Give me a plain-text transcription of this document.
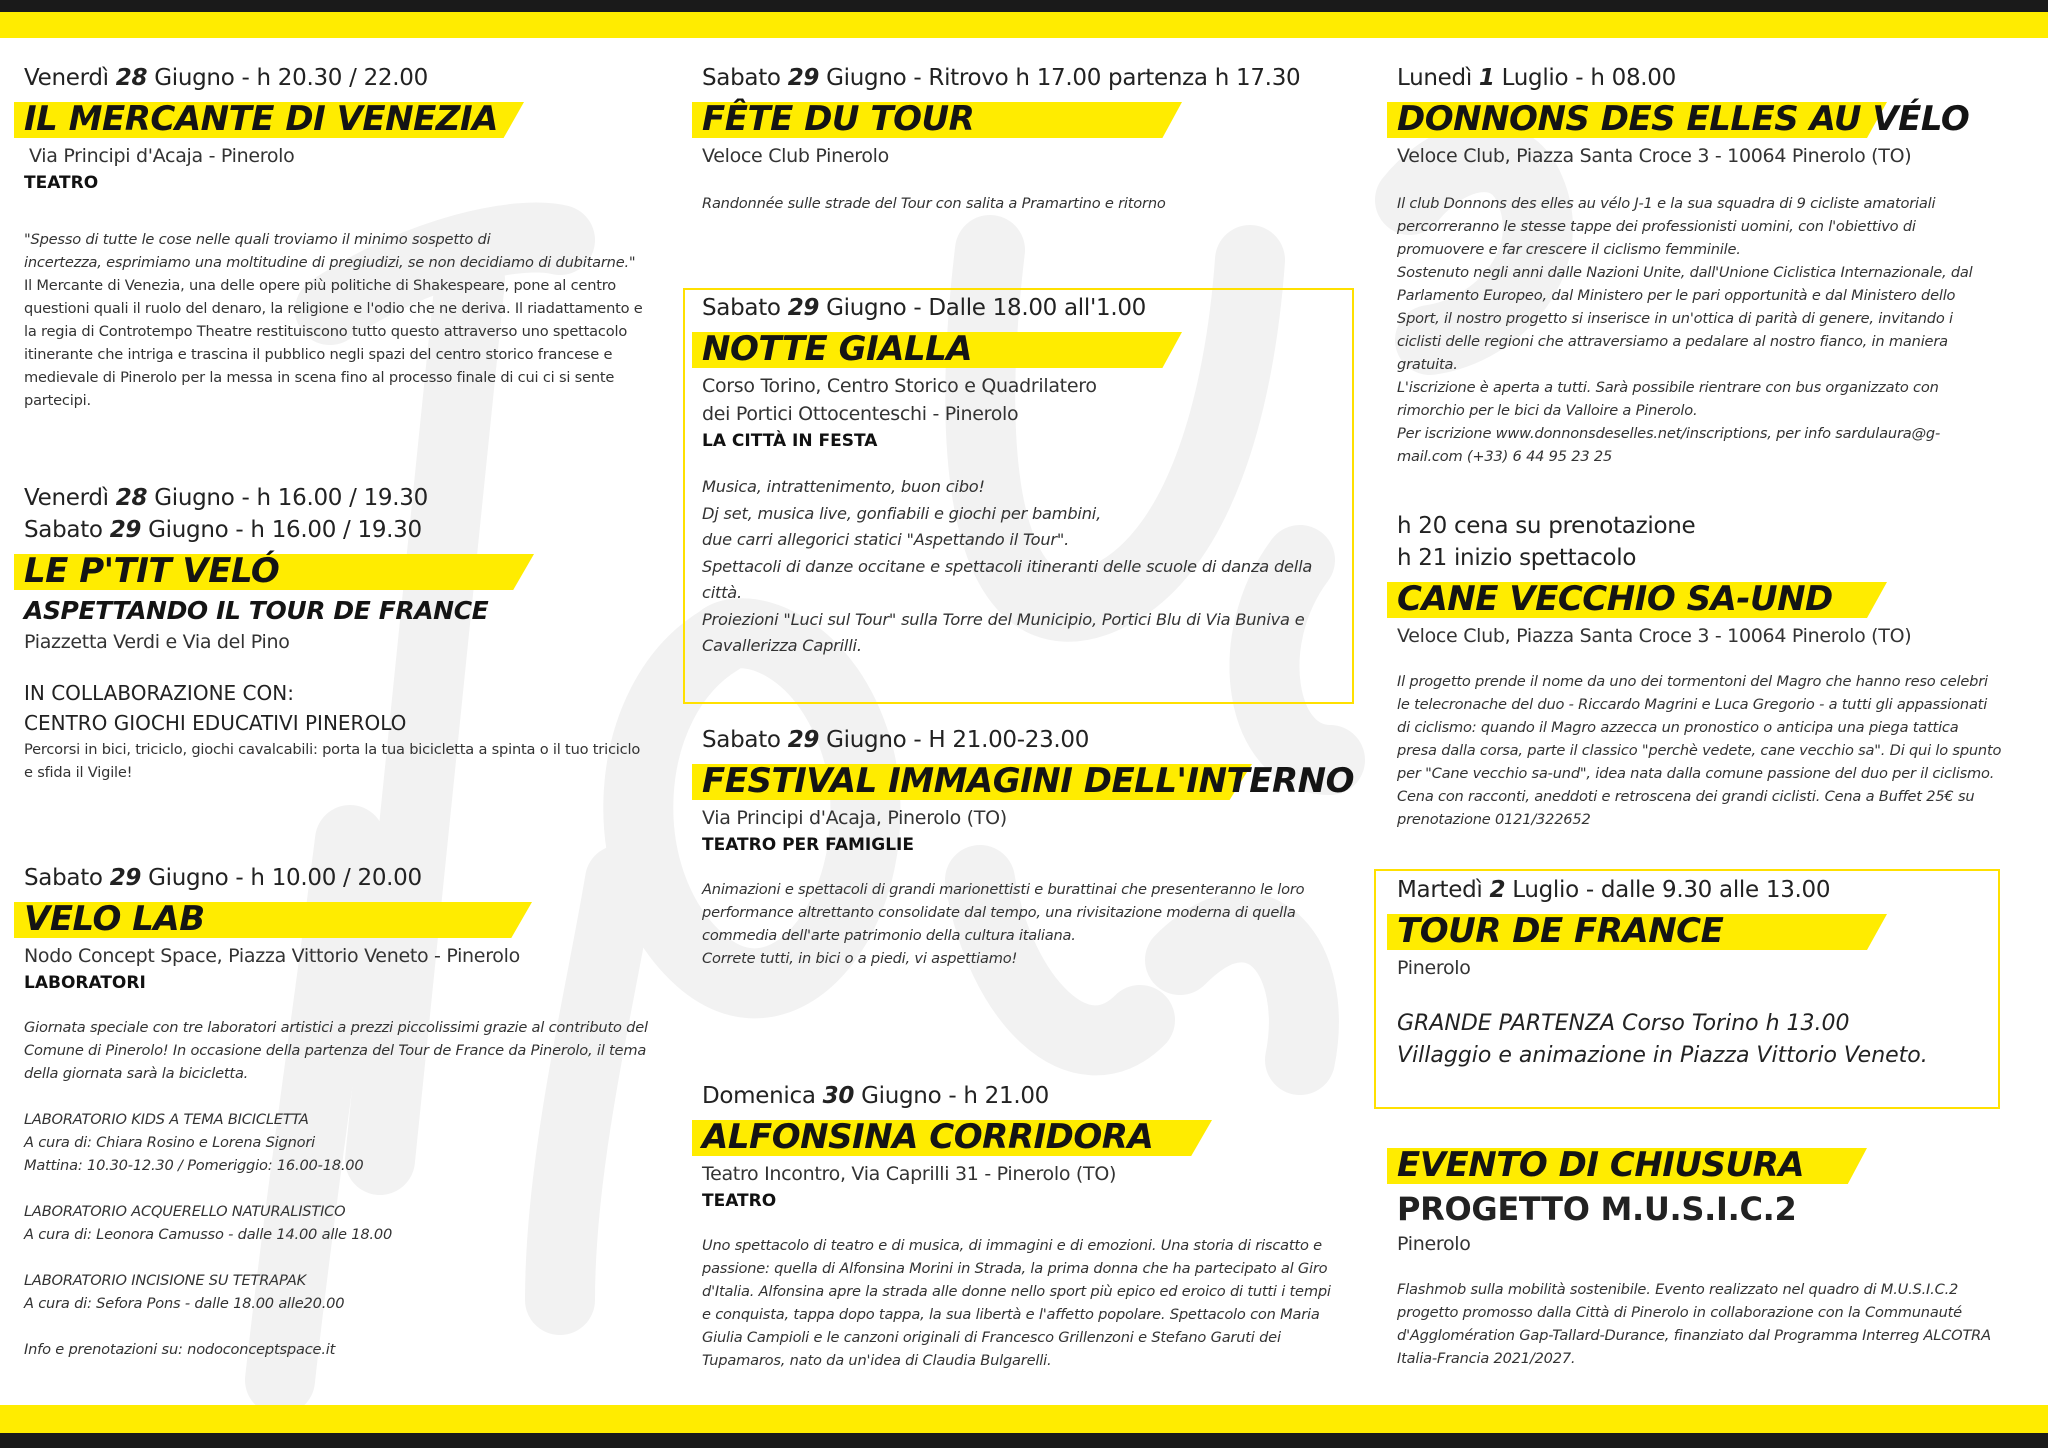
Venerdì 28 Giugno - h 20.30 / 22.00
IL MERCANTE DI VENEZIA
Via Principi d'Acaja - Pinerolo
TEATRO

"Spesso di tutte le cose nelle quali troviamo il minimo sospetto di

incertezza, esprimiamo una moltitudine di pregiudizi, se non decidiamo di dubitarne."

Il Mercante di Venezia, una delle opere più politiche di Shakespeare, pone al centro

questioni quali il ruolo del denaro, la religione e l'odio che ne deriva. Il riadattamento e

la regia di Controtempo Theatre restituiscono tutto questo attraverso uno spettacolo

itinerante che intriga e trascina il pubblico negli spazi del centro storico francese e

medievale di Pinerolo per la messa in scena fino al processo finale di cui ci si sente

partecipi.

Venerdì 28 Giugno - h 16.00 / 19.30
Sabato 29 Giugno - h 16.00 / 19.30
LE P'TIT VELÓ
ASPETTANDO IL TOUR DE FRANCE
Piazzetta Verdi e Via del Pino
IN COLLABORAZIONE CON:
CENTRO GIOCHI EDUCATIVI PINEROLO

Percorsi in bici, triciclo, giochi cavalcabili: porta la tua bicicletta a spinta o il tuo triciclo

e sfida il Vigile!

Sabato 29 Giugno - h 10.00 / 20.00
VELO LAB
Nodo Concept Space, Piazza Vittorio Veneto - Pinerolo
LABORATORI

Giornata speciale con tre laboratori artistici a prezzi piccolissimi grazie al contributo del

Comune di Pinerolo! In occasione della partenza del Tour de France da Pinerolo, il tema

della giornata sarà la bicicletta.

LABORATORIO KIDS A TEMA BICICLETTA

A cura di: Chiara Rosino e Lorena Signori

Mattina: 10.30-12.30 / Pomeriggio: 16.00-18.00

LABORATORIO ACQUERELLO NATURALISTICO

A cura di: Leonora Camusso - dalle 14.00 alle 18.00

LABORATORIO INCISIONE SU TETRAPAK

A cura di: Sefora Pons - dalle 18.00 alle20.00

Info e prenotazioni su: nodoconceptspace.it

Sabato 29 Giugno - Ritrovo h 17.00 partenza h 17.30
FÊTE DU TOUR
Veloce Club Pinerolo
Randonnée sulle strade del Tour con salita a Pramartino e ritorno
Sabato 29 Giugno - Dalle 18.00 all'1.00
NOTTE GIALLA
Corso Torino, Centro Storico e Quadrilatero
dei Portici Ottocenteschi - Pinerolo
LA CITTÀ IN FESTA

Musica, intrattenimento, buon cibo!

Dj set, musica live, gonfiabili e giochi per bambini,

due carri allegorici statici "Aspettando il Tour".

Spettacoli di danze occitane e spettacoli itineranti delle scuole di danza della

città.

Proiezioni "Luci sul Tour" sulla Torre del Municipio, Portici Blu di Via Buniva e

Cavallerizza Caprilli.

Sabato 29 Giugno - H 21.00-23.00
FESTIVAL IMMAGINI DELL'INTERNO
Via Principi d'Acaja, Pinerolo (TO)
TEATRO PER FAMIGLIE

Animazioni e spettacoli di grandi marionettisti e burattinai che presenteranno le loro

performance altrettanto consolidate dal tempo, una rivisitazione moderna di quella

commedia dell'arte patrimonio della cultura italiana.

Correte tutti, in bici o a piedi, vi aspettiamo!

Domenica 30 Giugno - h 21.00
ALFONSINA CORRIDORA
Teatro Incontro, Via Caprilli 31 - Pinerolo (TO)
TEATRO

Uno spettacolo di teatro e di musica, di immagini e di emozioni. Una storia di riscatto e

passione: quella di Alfonsina Morini in Strada, la prima donna che ha partecipato al Giro

d'Italia. Alfonsina apre la strada alle donne nello sport più epico ed eroico di tutti i tempi

e conquista, tappa dopo tappa, la sua libertà e l'affetto popolare. Spettacolo con Maria

Giulia Campioli e le canzoni originali di Francesco Grillenzoni e Stefano Garuti dei

Tupamaros, nato da un'idea di Claudia Bulgarelli.

Lunedì 1 Luglio - h 08.00
DONNONS DES ELLES AU VÉLO
Veloce Club, Piazza Santa Croce 3 - 10064 Pinerolo (TO)

Il club Donnons des elles au vélo J-1 e la sua squadra di 9 cicliste amatoriali

percorreranno le stesse tappe dei professionisti uomini, con l'obiettivo di

promuovere e far crescere il ciclismo femminile.

Sostenuto negli anni dalle Nazioni Unite, dall'Unione Ciclistica Internazionale, dal

Parlamento Europeo, dal Ministero per le pari opportunità e dal Ministero dello

Sport, il nostro progetto si inserisce in un'ottica di parità di genere, invitando i

ciclisti delle regioni che attraversiamo a pedalare al nostro fianco, in maniera

gratuita.

L'iscrizione è aperta a tutti. Sarà possibile rientrare con bus organizzato con

rimorchio per le bici da Valloire a Pinerolo.

Per iscrizione www.donnonsdeselles.net/inscriptions, per info sardulaura@g-

mail.com (+33) 6 44 95 23 25

h 20 cena su prenotazione
h 21 inizio spettacolo
CANE VECCHIO SA-UND
Veloce Club, Piazza Santa Croce 3 - 10064 Pinerolo (TO)

Il progetto prende il nome da uno dei tormentoni del Magro che hanno reso celebri

le telecronache del duo - Riccardo Magrini e Luca Gregorio - a tutti gli appassionati

di ciclismo: quando il Magro azzecca un pronostico o anticipa una piega tattica

presa dalla corsa, parte il classico "perchè vedete, cane vecchio sa". Di qui lo spunto

per "Cane vecchio sa-und", idea nata dalla comune passione del duo per il ciclismo.

Cena con racconti, aneddoti e retroscena dei grandi ciclisti. Cena a Buffet 25€ su

prenotazione 0121/322652

Martedì 2 Luglio - dalle 9.30 alle 13.00
TOUR DE FRANCE
Pinerolo
GRANDE PARTENZA Corso Torino h 13.00
Villaggio e animazione in Piazza Vittorio Veneto.
EVENTO DI CHIUSURA
PROGETTO M.U.S.I.C.2
Pinerolo

Flashmob sulla mobilità sostenibile. Evento realizzato nel quadro di M.U.S.I.C.2

progetto promosso dalla Città di Pinerolo in collaborazione con la Communauté

d'Agglomération Gap-Tallard-Durance, finanziato dal Programma Interreg ALCOTRA

Italia-Francia 2021/2027.
